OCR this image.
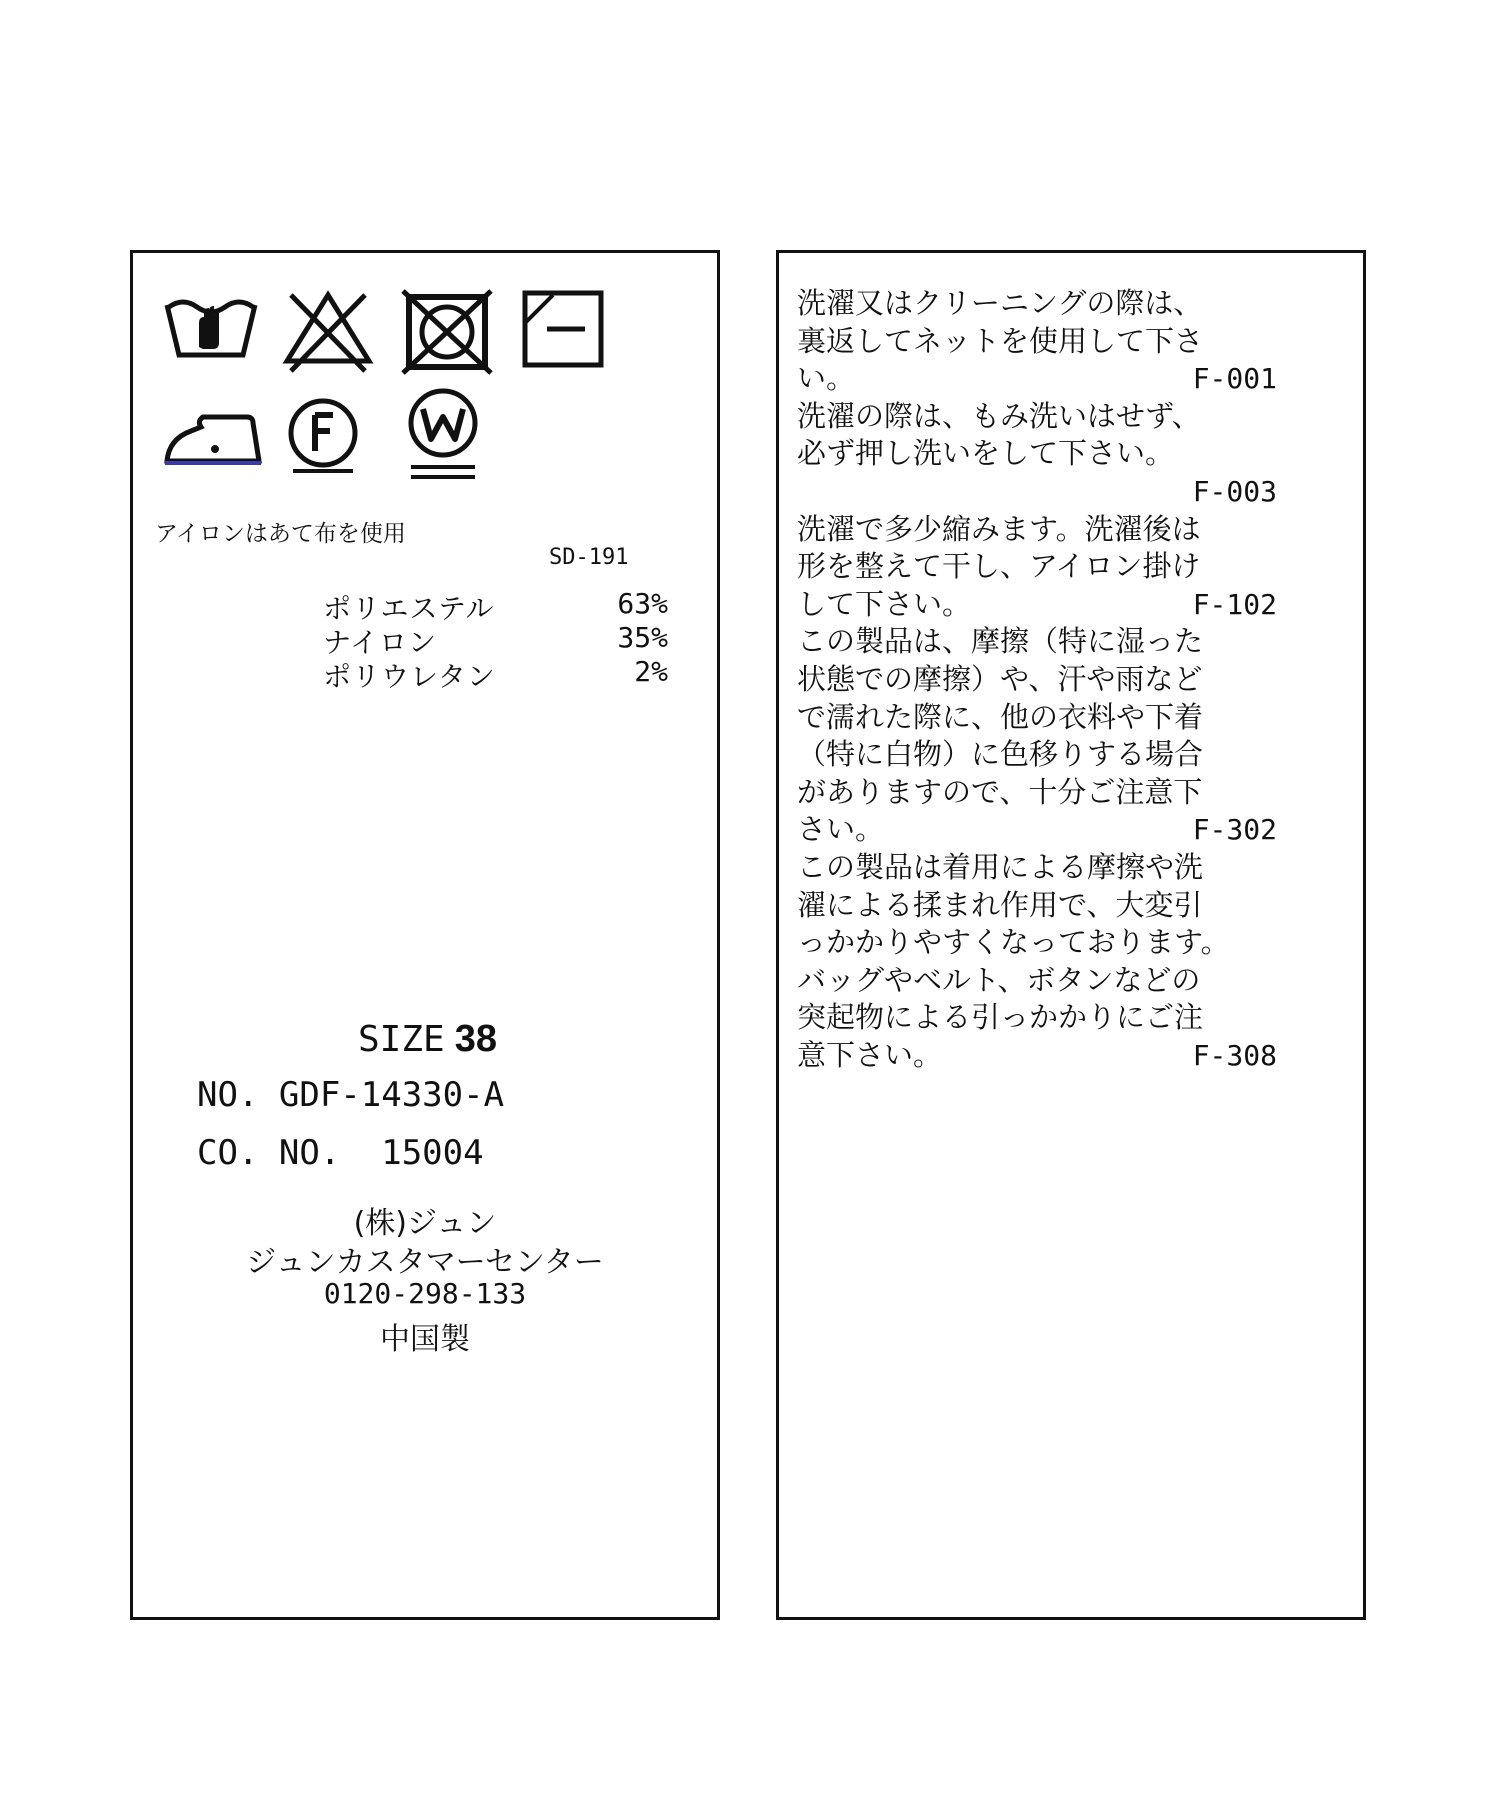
アイロンはあて布を使用
SD-191
ポリエステル	63%
ナイロン	35%
ポリウレタン	2%
SIZE 38
NO. GDF-14330-A
CO. NO.  15004
(株)ジュン
ジュンカスタマーセンター
0120-298-133
中国製
洗濯又はクリーニングの際は、
裏返してネットを使用して下さ
い。	F-001
洗濯の際は、もみ洗いはせず、
必ず押し洗いをして下さい。
F-003
洗濯で多少縮みます。洗濯後は
形を整えて干し、アイロン掛け
して下さい。	F-102
この製品は、摩擦（特に湿った
状態での摩擦）や、汗や雨など
で濡れた際に、他の衣料や下着
（特に白物）に色移りする場合
がありますので、十分ご注意下
さい。	F-302
この製品は着用による摩擦や洗
濯による揉まれ作用で、大変引
っかかりやすくなっております。
バッグやベルト、ボタンなどの
突起物による引っかかりにご注
意下さい。	F-308
